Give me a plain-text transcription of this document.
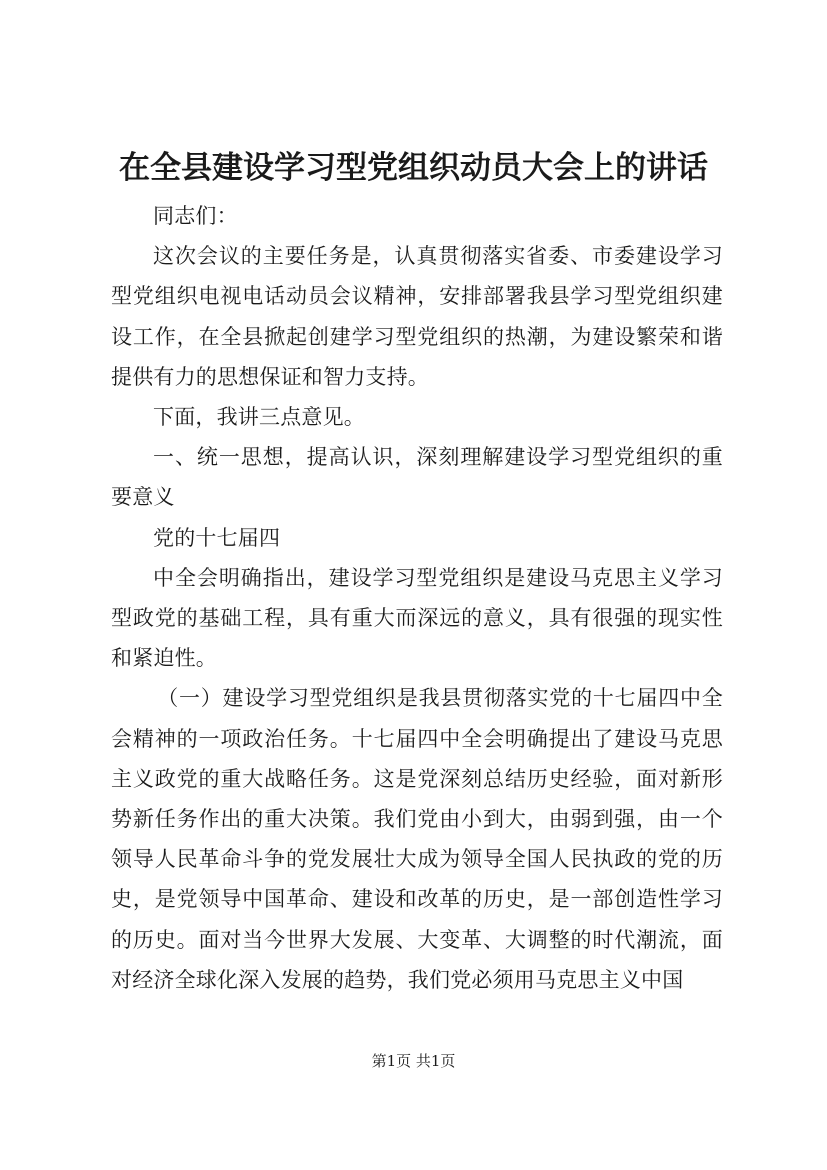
在全县建设学习型党组织动员大会上的讲话

同志们：

这次会议的主要任务是，认真贯彻落实省委、市委建设学习型党组织电视电话动员会议精神，安排部署我县学习型党组织建设工作，在全县掀起创建学习型党组织的热潮，为建设繁荣和谐提供有力的思想保证和智力支持。

下面，我讲三点意见。

一、统一思想，提高认识，深刻理解建设学习型党组织的重要意义

党的十七届四

中全会明确指出，建设学习型党组织是建设马克思主义学习型政党的基础工程，具有重大而深远的意义，具有很强的现实性和紧迫性。

（一）建设学习型党组织是我县贯彻落实党的十七届四中全会精神的一项政治任务。十七届四中全会明确提出了建设马克思主义政党的重大战略任务。这是党深刻总结历史经验，面对新形势新任务作出的重大决策。我们党由小到大，由弱到强，由一个领导人民革命斗争的党发展壮大成为领导全国人民执政的党的历史，是党领导中国革命、建设和改革的历史，是一部创造性学习的历史。面对当今世界大发展、大变革、大调整的时代潮流，面对经济全球化深入发展的趋势，我们党必须用马克思主义中国

第1页 共1页
